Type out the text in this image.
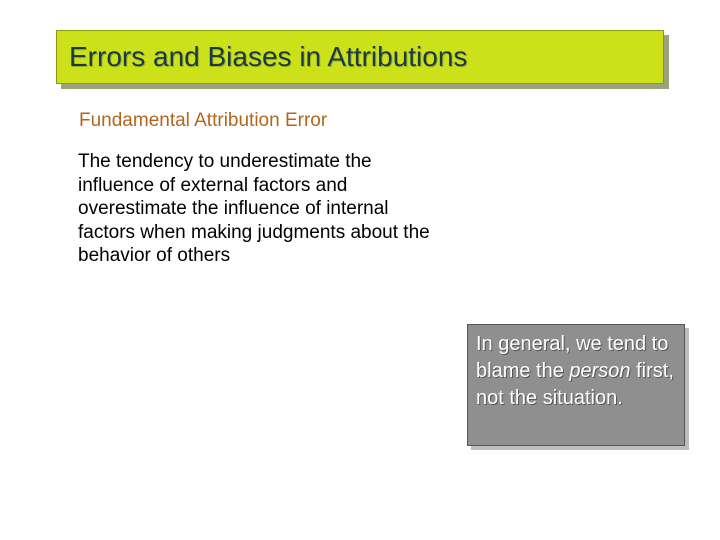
Errors and Biases in Attributions
Fundamental Attribution Error
The tendency to underestimate the influence of external factors and overestimate the influence of internal factors when making judgments about the behavior of others
In general, we tend to blame the person first, not the situation.
